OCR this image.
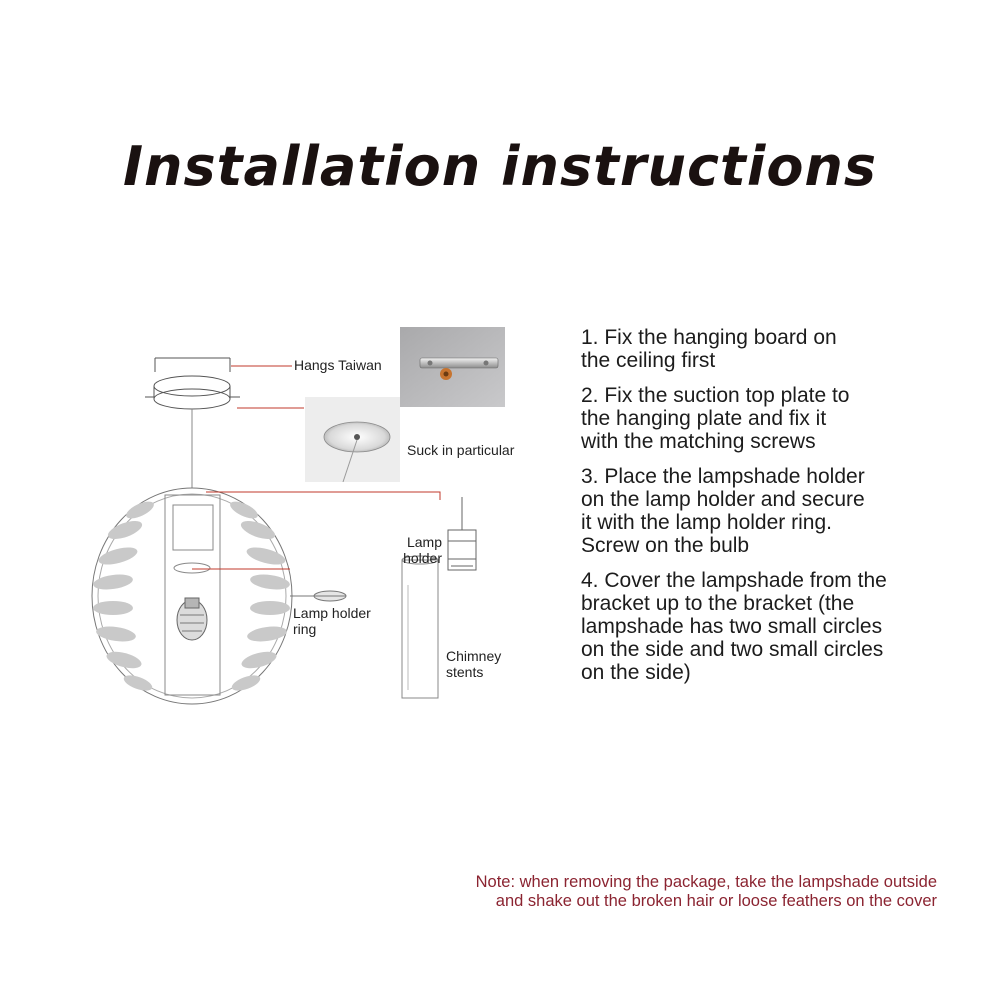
Installation instructions
Hangs Taiwan
Suck in particular
Lamp
holder
Lamp holder
ring
Chimney
stents
1. Fix the hanging board on
the ceiling first
2. Fix the suction top plate to
the hanging plate and fix it
with the matching screws
3. Place the lampshade holder
on the lamp holder and secure
it with the lamp holder ring.
Screw on the bulb
4. Cover the lampshade from the
bracket up to the bracket (the
lampshade has two small circles
on the side and two small circles
on the side)
Note: when removing the package, take the lampshade outside
and shake out the broken hair or loose feathers on the cover
